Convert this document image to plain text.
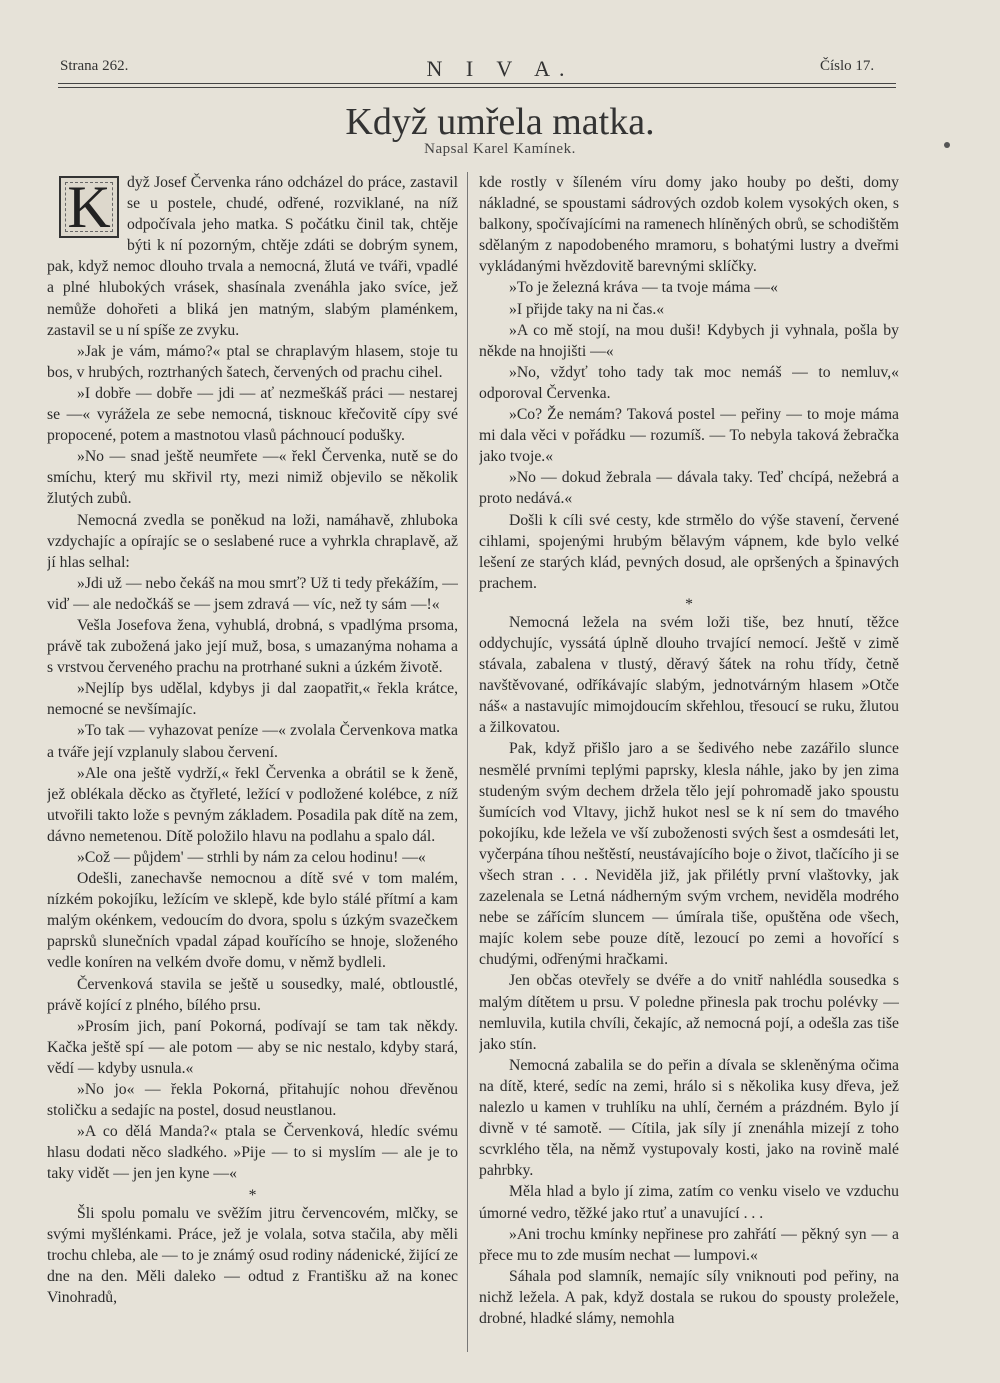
Strana 262.	N I V A.	Číslo 17.
Když umřela matka.
Napsal Karel Kamínek.
K	dyž Josef Červenka ráno odcházel do práce, zastavil se u postele, chudé, odřené, rozviklané, na níž odpočívala jeho matka. S počátku činil tak, chtěje býti k ní pozorným, chtěje zdáti se dobrým synem, pak, když nemoc dlouho trvala a nemocná, žlutá ve tváři, vpadlé a plné hlubokých vrásek, shasínala zvenáhla jako svíce, jež nemůže dohořeti a bliká jen matným, slabým plaménkem, zastavil se u ní spíše ze zvyku.

»Jak je vám, mámo?« ptal se chraplavým hlasem, stoje tu bos, v hrubých, roztrhaných šatech, červených od prachu cihel.

»I dobře — dobře — jdi — ať nezmeškáš práci — nestarej se —« vyrážela ze sebe nemocná, tisknouc křečovitě cípy své propocené, potem a mastnotou vlasů páchnoucí podušky.

»No — snad ještě neumřete —« řekl Červenka, nutě se do smíchu, který mu skřivil rty, mezi nimiž objevilo se několik žlutých zubů.

Nemocná zvedla se poněkud na loži, namáhavě, zhluboka vzdychajíc a opírajíc se o seslabené ruce a vyhrkla chraplavě, až jí hlas selhal:

»Jdi už — nebo čekáš na mou smrť? Už ti tedy překážím, — viď — ale nedočkáš se — jsem zdravá — víc, než ty sám —!«

Vešla Josefova žena, vyhublá, drobná, s vpadlýma prsoma, právě tak zubožená jako její muž, bosa, s umazanýma nohama a s vrstvou červeného prachu na protrhané sukni a úzkém životě.

»Nejlíp bys udělal, kdybys ji dal zaopatřit,« řekla krátce, nemocné se nevšímajíc.

»To tak — vyhazovat peníze —« zvolala Červenkova matka a tváře její vzplanuly slabou červení.

»Ale ona ještě vydrží,« řekl Červenka a obrátil se k ženě, jež oblékala děcko as čtyřleté, ležící v podložené kolébce, z níž utvořili takto lože s pevným základem. Posadila pak dítě na zem, dávno nemetenou. Dítě položilo hlavu na podlahu a spalo dál.

»Což — půjdem' — strhli by nám za celou hodinu! —«

Odešli, zanechavše nemocnou a dítě své v tom malém, nízkém pokojíku, ležícím ve sklepě, kde bylo stálé přítmí a kam malým okénkem, vedoucím do dvora, spolu s úzkým svazečkem paprsků slunečních vpadal západ kouřícího se hnoje, složeného vedle koníren na velkém dvoře domu, v němž bydleli.

Červenková stavila se ještě u sousedky, malé, obtloustlé, právě kojící z plného, bílého prsu.

»Prosím jich, paní Pokorná, podívají se tam tak někdy. Kačka ještě spí — ale potom — aby se nic nestalo, kdyby stará, vědí — kdyby usnula.«

»No jo« — řekla Pokorná, přitahujíc nohou dřevěnou stoličku a sedajíc na postel, dosud neustlanou.

»A co dělá Manda?« ptala se Červenková, hledíc svému hlasu dodati něco sladkého. »Pije — to si myslím — ale je to taky vidět — jen jen kyne —«

*

Šli spolu pomalu ve svěžím jitru červencovém, mlčky, se svými myšlénkami. Práce, jež je volala, sotva stačila, aby měli trochu chleba, ale — to je známý osud rodiny nádenické, žijící ze dne na den. Měli daleko — odtud z Františku až na konec Vinohradů,

kde rostly v šíleném víru domy jako houby po dešti, domy nákladné, se spoustami sádrových ozdob kolem vysokých oken, s balkony, spočívajícími na ramenech hlíněných obrů, se schodištěm sdělaným z napodobeného mramoru, s bohatými lustry a dveřmi vykládanými hvězdovitě barevnými sklíčky.

»To je železná kráva — ta tvoje máma —«

»I přijde taky na ni čas.«

»A co mě stojí, na mou duši! Kdybych ji vyhnala, pošla by někde na hnojišti —«

»No, vždyť toho tady tak moc nemáš — to nemluv,« odporoval Červenka.

»Co? Že nemám? Taková postel — peřiny — to moje máma mi dala věci v pořádku — rozumíš. — To nebyla taková žebračka jako tvoje.«

»No — dokud žebrala — dávala taky. Teď chcípá, nežebrá a proto nedává.«

Došli k cíli své cesty, kde strmělo do výše stavení, červené cihlami, spojenými hrubým bělavým vápnem, kde bylo velké lešení ze starých klád, pevných dosud, ale opršených a špinavých prachem.

*

Nemocná ležela na svém loži tiše, bez hnutí, těžce oddychujíc, vyssátá úplně dlouho trvající nemocí. Ještě v zimě stávala, zabalena v tlustý, děravý šátek na rohu třídy, četně navštěvované, odříkávajíc slabým, jednotvárným hlasem »Otče náš« a nastavujíc mimojdoucím skřehlou, třesoucí se ruku, žlutou a žilkovatou.

Pak, když přišlo jaro a se šedivého nebe zazářilo slunce nesmělé prvními teplými paprsky, klesla náhle, jako by jen zima studeným svým dechem držela tělo její pohromadě jako spoustu šumících vod Vltavy, jichž hukot nesl se k ní sem do tmavého pokojíku, kde ležela ve vší zuboženosti svých šest a osmdesáti let, vyčerpána tíhou neštěstí, neustávajícího boje o život, tlačícího ji se všech stran . . . Neviděla již, jak přilétly první vlaštovky, jak zazelenala se Letná nádherným svým vrchem, neviděla modrého nebe se zářícím sluncem — úmírala tiše, opuštěna ode všech, majíc kolem sebe pouze dítě, lezoucí po zemi a hovořící s chudými, odřenými hračkami.

Jen občas otevřely se dvéře a do vnitř nahlédla sousedka s malým dítětem u prsu. V poledne přinesla pak trochu polévky — nemluvila, kutila chvíli, čekajíc, až nemocná pojí, a odešla zas tiše jako stín.

Nemocná zabalila se do peřin a dívala se skleněnýma očima na dítě, které, sedíc na zemi, hrálo si s několika kusy dřeva, jež nalezlo u kamen v truhlíku na uhlí, černém a prázdném. Bylo jí divně v té samotě. — Cítila, jak síly jí znenáhla mizejí z toho scvrklého těla, na němž vystupovaly kosti, jako na rovině malé pahrbky.

Měla hlad a bylo jí zima, zatím co venku viselo ve vzduchu úmorné vedro, těžké jako rtuť a unavující . . .

»Ani trochu kmínky nepřinese pro zahřátí — pěkný syn — a přece mu to zde musím nechat — lumpovi.«

Sáhala pod slamník, nemajíc síly vniknouti pod peřiny, na nichž ležela. A pak, když dostala se rukou do spousty proležele, drobné, hladké slámy, nemohla
